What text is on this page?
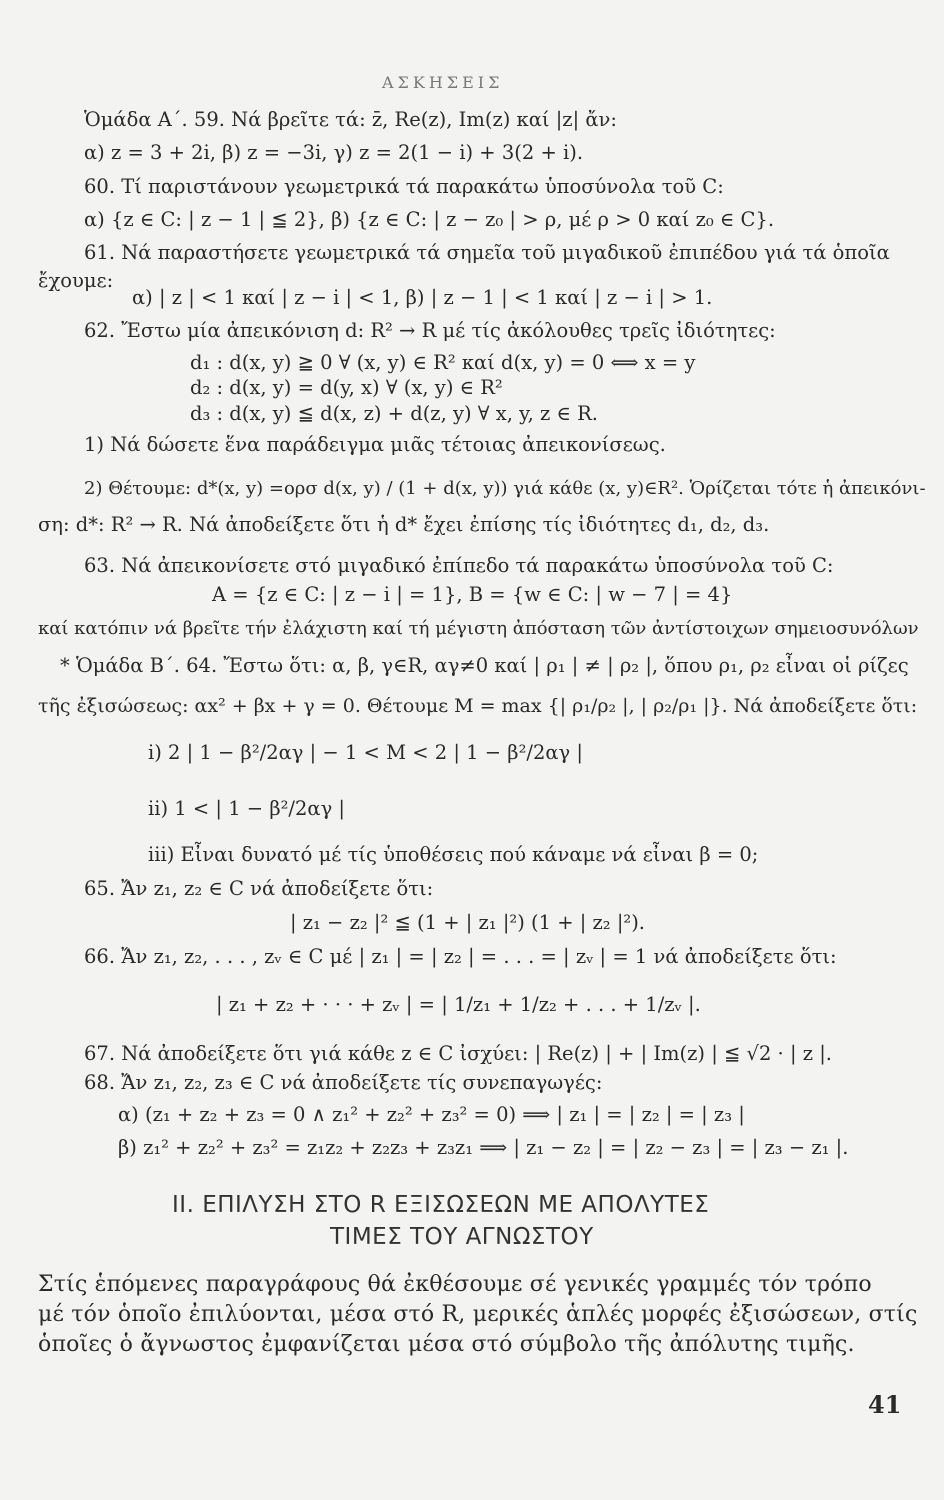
ΑΣΚΗΣΕΙΣ
Ὁμάδα Α΄. 59. Νά βρεῖτε τά: z̄, Re(z), Im(z) καί |z| ἄν:
α) z = 3 + 2i, β) z = −3i, γ) z = 2(1 − i) + 3(2 + i).
60. Τί παριστάνουν γεωμετρικά τά παρακάτω ὑποσύνολα τοῦ C:
α) {z ∈ C: | z − 1 | ≦ 2}, β) {z ∈ C: | z − z₀ | > ρ, μέ ρ > 0 καί z₀ ∈ C}.
61. Νά παραστήσετε γεωμετρικά τά σημεῖα τοῦ μιγαδικοῦ ἐπιπέδου γιά τά ὁποῖα
ἔχουμε:
α) | z | < 1 καί | z − i | < 1, β) | z − 1 | < 1 καί | z − i | > 1.
62. Ἔστω μία ἀπεικόνιση d: R² → R μέ τίς ἀκόλουθες τρεῖς ἰδιότητες:
d₁ : d(x, y) ≧ 0 ∀ (x, y) ∈ R² καί d(x, y) = 0 ⟺ x = y
d₂ : d(x, y) = d(y, x) ∀ (x, y) ∈ R²
d₃ : d(x, y) ≦ d(x, z) + d(z, y) ∀ x, y, z ∈ R.
1) Νά δώσετε ἕνα παράδειγμα μιᾶς τέτοιας ἀπεικονίσεως.
2) Θέτουμε: d*(x, y) =ορσ d(x, y) / (1 + d(x, y)) γιά κάθε (x, y)∈R². Ὁρίζεται τότε ἡ ἀπεικόνι-
ση: d*: R² → R. Νά ἀποδείξετε ὅτι ἡ d* ἔχει ἐπίσης τίς ἰδιότητες d₁, d₂, d₃.
63. Νά ἀπεικονίσετε στό μιγαδικό ἐπίπεδο τά παρακάτω ὑποσύνολα τοῦ C:
A = {z ∈ C: | z − i | = 1}, B = {w ∈ C: | w − 7 | = 4}
καί κατόπιν νά βρεῖτε τήν ἐλάχιστη καί τή μέγιστη ἀπόσταση τῶν ἀντίστοιχων σημειοσυνόλων
* Ὁμάδα Β΄. 64. Ἔστω ὅτι: α, β, γ∈R, αγ≠0 καί | ρ₁ | ≠ | ρ₂ |, ὅπου ρ₁, ρ₂ εἶναι οἱ ρίζες
τῆς ἐξισώσεως: αx² + βx + γ = 0. Θέτουμε M = max {| ρ₁/ρ₂ |, | ρ₂/ρ₁ |}. Νά ἀποδείξετε ὅτι:
i) 2 | 1 − β²/2αγ | − 1 < M < 2 | 1 − β²/2αγ |
ii) 1 < | 1 − β²/2αγ |
iii) Εἶναι δυνατό μέ τίς ὑποθέσεις πού κάναμε νά εἶναι β = 0;
65. Ἄν z₁, z₂ ∈ C νά ἀποδείξετε ὅτι:
| z₁ − z₂ |² ≦ (1 + | z₁ |²) (1 + | z₂ |²).
66. Ἄν z₁, z₂, . . . , zᵥ ∈ C μέ | z₁ | = | z₂ | = . . . = | zᵥ | = 1 νά ἀποδείξετε ὅτι:
| z₁ + z₂ + · · · + zᵥ | = | 1/z₁ + 1/z₂ + . . . + 1/zᵥ |.
67. Νά ἀποδείξετε ὅτι γιά κάθε z ∈ C ἰσχύει: | Re(z) | + | Im(z) | ≦ √2 · | z |.
68. Ἄν z₁, z₂, z₃ ∈ C νά ἀποδείξετε τίς συνεπαγωγές:
α) (z₁ + z₂ + z₃ = 0 ∧ z₁² + z₂² + z₃² = 0) ⟹ | z₁ | = | z₂ | = | z₃ |
β) z₁² + z₂² + z₃² = z₁z₂ + z₂z₃ + z₃z₁ ⟹ | z₁ − z₂ | = | z₂ − z₃ | = | z₃ − z₁ |.
II. ΕΠΙΛΥΣΗ ΣΤΟ R ΕΞΙΣΩΣΕΩΝ ΜΕ ΑΠΟΛΥΤΕΣ
ΤΙΜΕΣ ΤΟΥ ΑΓΝΩΣΤΟΥ
Στίς ἑπόμενες παραγράφους θά ἐκθέσουμε σέ γενικές γραμμές τόν τρόπο
μέ τόν ὁποῖο ἐπιλύονται, μέσα στό R, μερικές ἁπλές μορφές ἐξισώσεων, στίς
ὁποῖες ὁ ἄγνωστος ἐμφανίζεται μέσα στό σύμβολο τῆς ἀπόλυτης τιμῆς.
41
